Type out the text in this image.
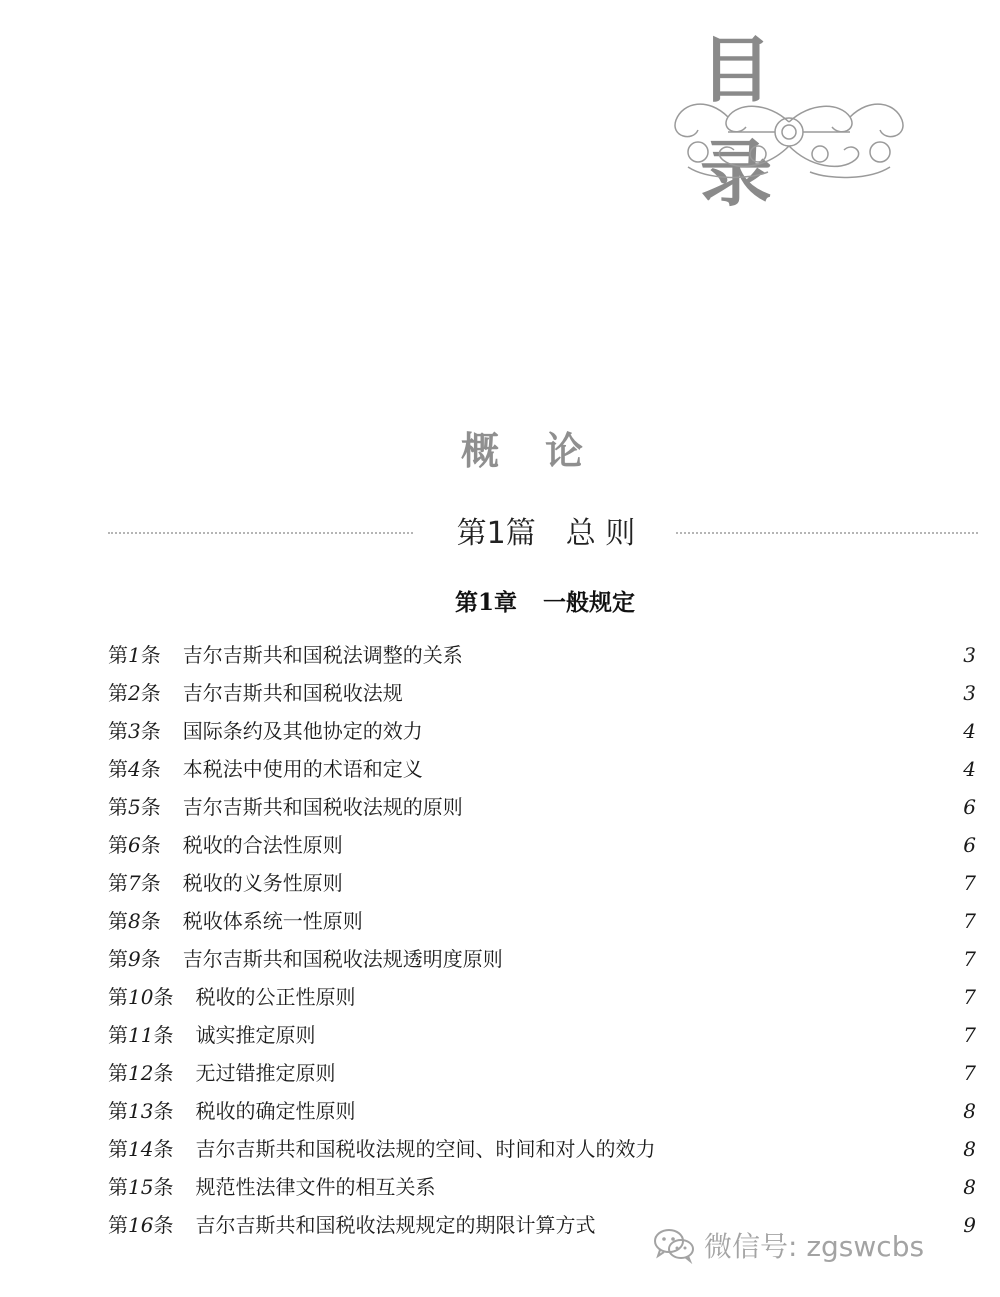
目录
概论
第1篇 总 则
第1章 一般规定
第1条 吉尔吉斯共和国税法调整的关系	3
第2条 吉尔吉斯共和国税收法规	3
第3条 国际条约及其他协定的效力	4
第4条 本税法中使用的术语和定义	4
第5条 吉尔吉斯共和国税收法规的原则	6
第6条 税收的合法性原则	6
第7条 税收的义务性原则	7
第8条 税收体系统一性原则	7
第9条 吉尔吉斯共和国税收法规透明度原则	7
第10条 税收的公正性原则	7
第11条 诚实推定原则	7
第12条 无过错推定原则	7
第13条 税收的确定性原则	8
第14条 吉尔吉斯共和国税收法规的空间、时间和对人的效力	8
第15条 规范性法律文件的相互关系	8
第16条 吉尔吉斯共和国税收法规规定的期限计算方式	9
微信号: zgswcbs
